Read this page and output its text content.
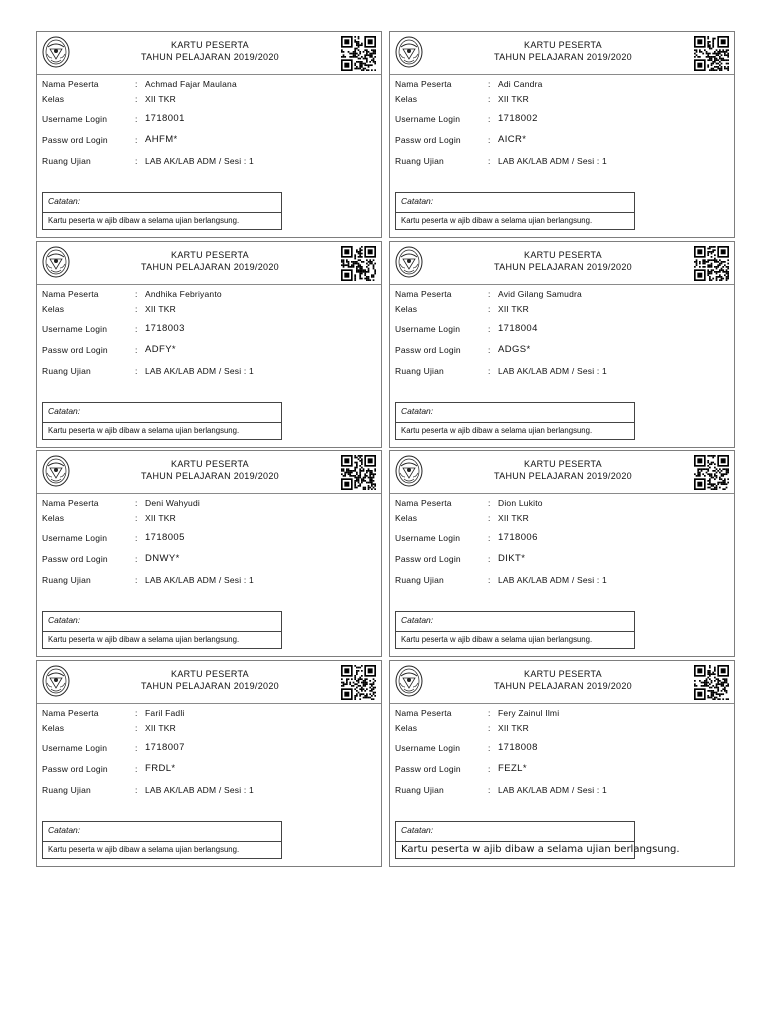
KARTU PESERTA
TAHUN PELAJARAN 2019/2020
Nama Peserta	: Achmad Fajar Maulana
Kelas	: XII TKR
Username Login	: 1718001
Passw ord Login	: AHFM*
Ruang Ujian	: LAB AK/LAB ADM / Sesi : 1
Catatan:
Kartu peserta w ajib dibaw a selama ujian berlangsung.
KARTU PESERTA
TAHUN PELAJARAN 2019/2020
Nama Peserta	: Adi Candra
Kelas	: XII TKR
Username Login	: 1718002
Passw ord Login	: AICR*
Ruang Ujian	: LAB AK/LAB ADM / Sesi : 1
Catatan:
Kartu peserta w ajib dibaw a selama ujian berlangsung.
KARTU PESERTA
TAHUN PELAJARAN 2019/2020
Nama Peserta	: Andhika Febriyanto
Kelas	: XII TKR
Username Login	: 1718003
Passw ord Login	: ADFY*
Ruang Ujian	: LAB AK/LAB ADM / Sesi : 1
Catatan:
Kartu peserta w ajib dibaw a selama ujian berlangsung.
KARTU PESERTA
TAHUN PELAJARAN 2019/2020
Nama Peserta	: Avid Gilang Samudra
Kelas	: XII TKR
Username Login	: 1718004
Passw ord Login	: ADGS*
Ruang Ujian	: LAB AK/LAB ADM / Sesi : 1
Catatan:
Kartu peserta w ajib dibaw a selama ujian berlangsung.
KARTU PESERTA
TAHUN PELAJARAN 2019/2020
Nama Peserta	: Deni Wahyudi
Kelas	: XII TKR
Username Login	: 1718005
Passw ord Login	: DNWY*
Ruang Ujian	: LAB AK/LAB ADM / Sesi : 1
Catatan:
Kartu peserta w ajib dibaw a selama ujian berlangsung.
KARTU PESERTA
TAHUN PELAJARAN 2019/2020
Nama Peserta	: Dion Lukito
Kelas	: XII TKR
Username Login	: 1718006
Passw ord Login	: DIKT*
Ruang Ujian	: LAB AK/LAB ADM / Sesi : 1
Catatan:
Kartu peserta w ajib dibaw a selama ujian berlangsung.
KARTU PESERTA
TAHUN PELAJARAN 2019/2020
Nama Peserta	: Faril Fadli
Kelas	: XII TKR
Username Login	: 1718007
Passw ord Login	: FRDL*
Ruang Ujian	: LAB AK/LAB ADM / Sesi : 1
Catatan:
Kartu peserta w ajib dibaw a selama ujian berlangsung.
KARTU PESERTA
TAHUN PELAJARAN 2019/2020
Nama Peserta	: Fery Zainul Ilmi
Kelas	: XII TKR
Username Login	: 1718008
Passw ord Login	: FEZL*
Ruang Ujian	: LAB AK/LAB ADM / Sesi : 1
Catatan:
Kartu peserta w ajib dibaw a selama ujian berlangsung.
